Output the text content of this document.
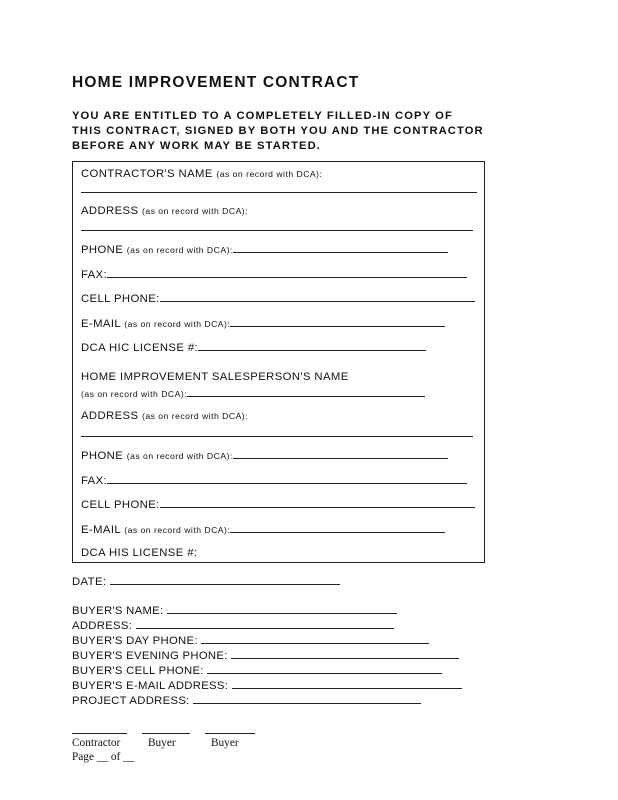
HOME IMPROVEMENT CONTRACT
YOU ARE ENTITLED TO A COMPLETELY FILLED-IN COPY OF
THIS CONTRACT, SIGNED BY BOTH YOU AND THE CONTRACTOR
BEFORE ANY WORK MAY BE STARTED.
CONTRACTOR'S NAME (as on record with DCA):
ADDRESS (as on record with DCA):
PHONE (as on record with DCA):
FAX:
CELL PHONE:
E-MAIL (as on record with DCA):
DCA HIC LICENSE #:
HOME IMPROVEMENT SALESPERSON'S NAME
(as on record with DCA):
ADDRESS (as on record with DCA):
PHONE (as on record with DCA):
FAX:
CELL PHONE:
E-MAIL (as on record with DCA):
DCA HIS LICENSE #:
DATE:
BUYER'S NAME:
ADDRESS:
BUYER'S DAY PHONE:
BUYER'S EVENING PHONE:
BUYER'S CELL PHONE:
BUYER'S E-MAIL ADDRESS:
PROJECT ADDRESS:
Contractor Buyer	Buyer
Page __ of __
